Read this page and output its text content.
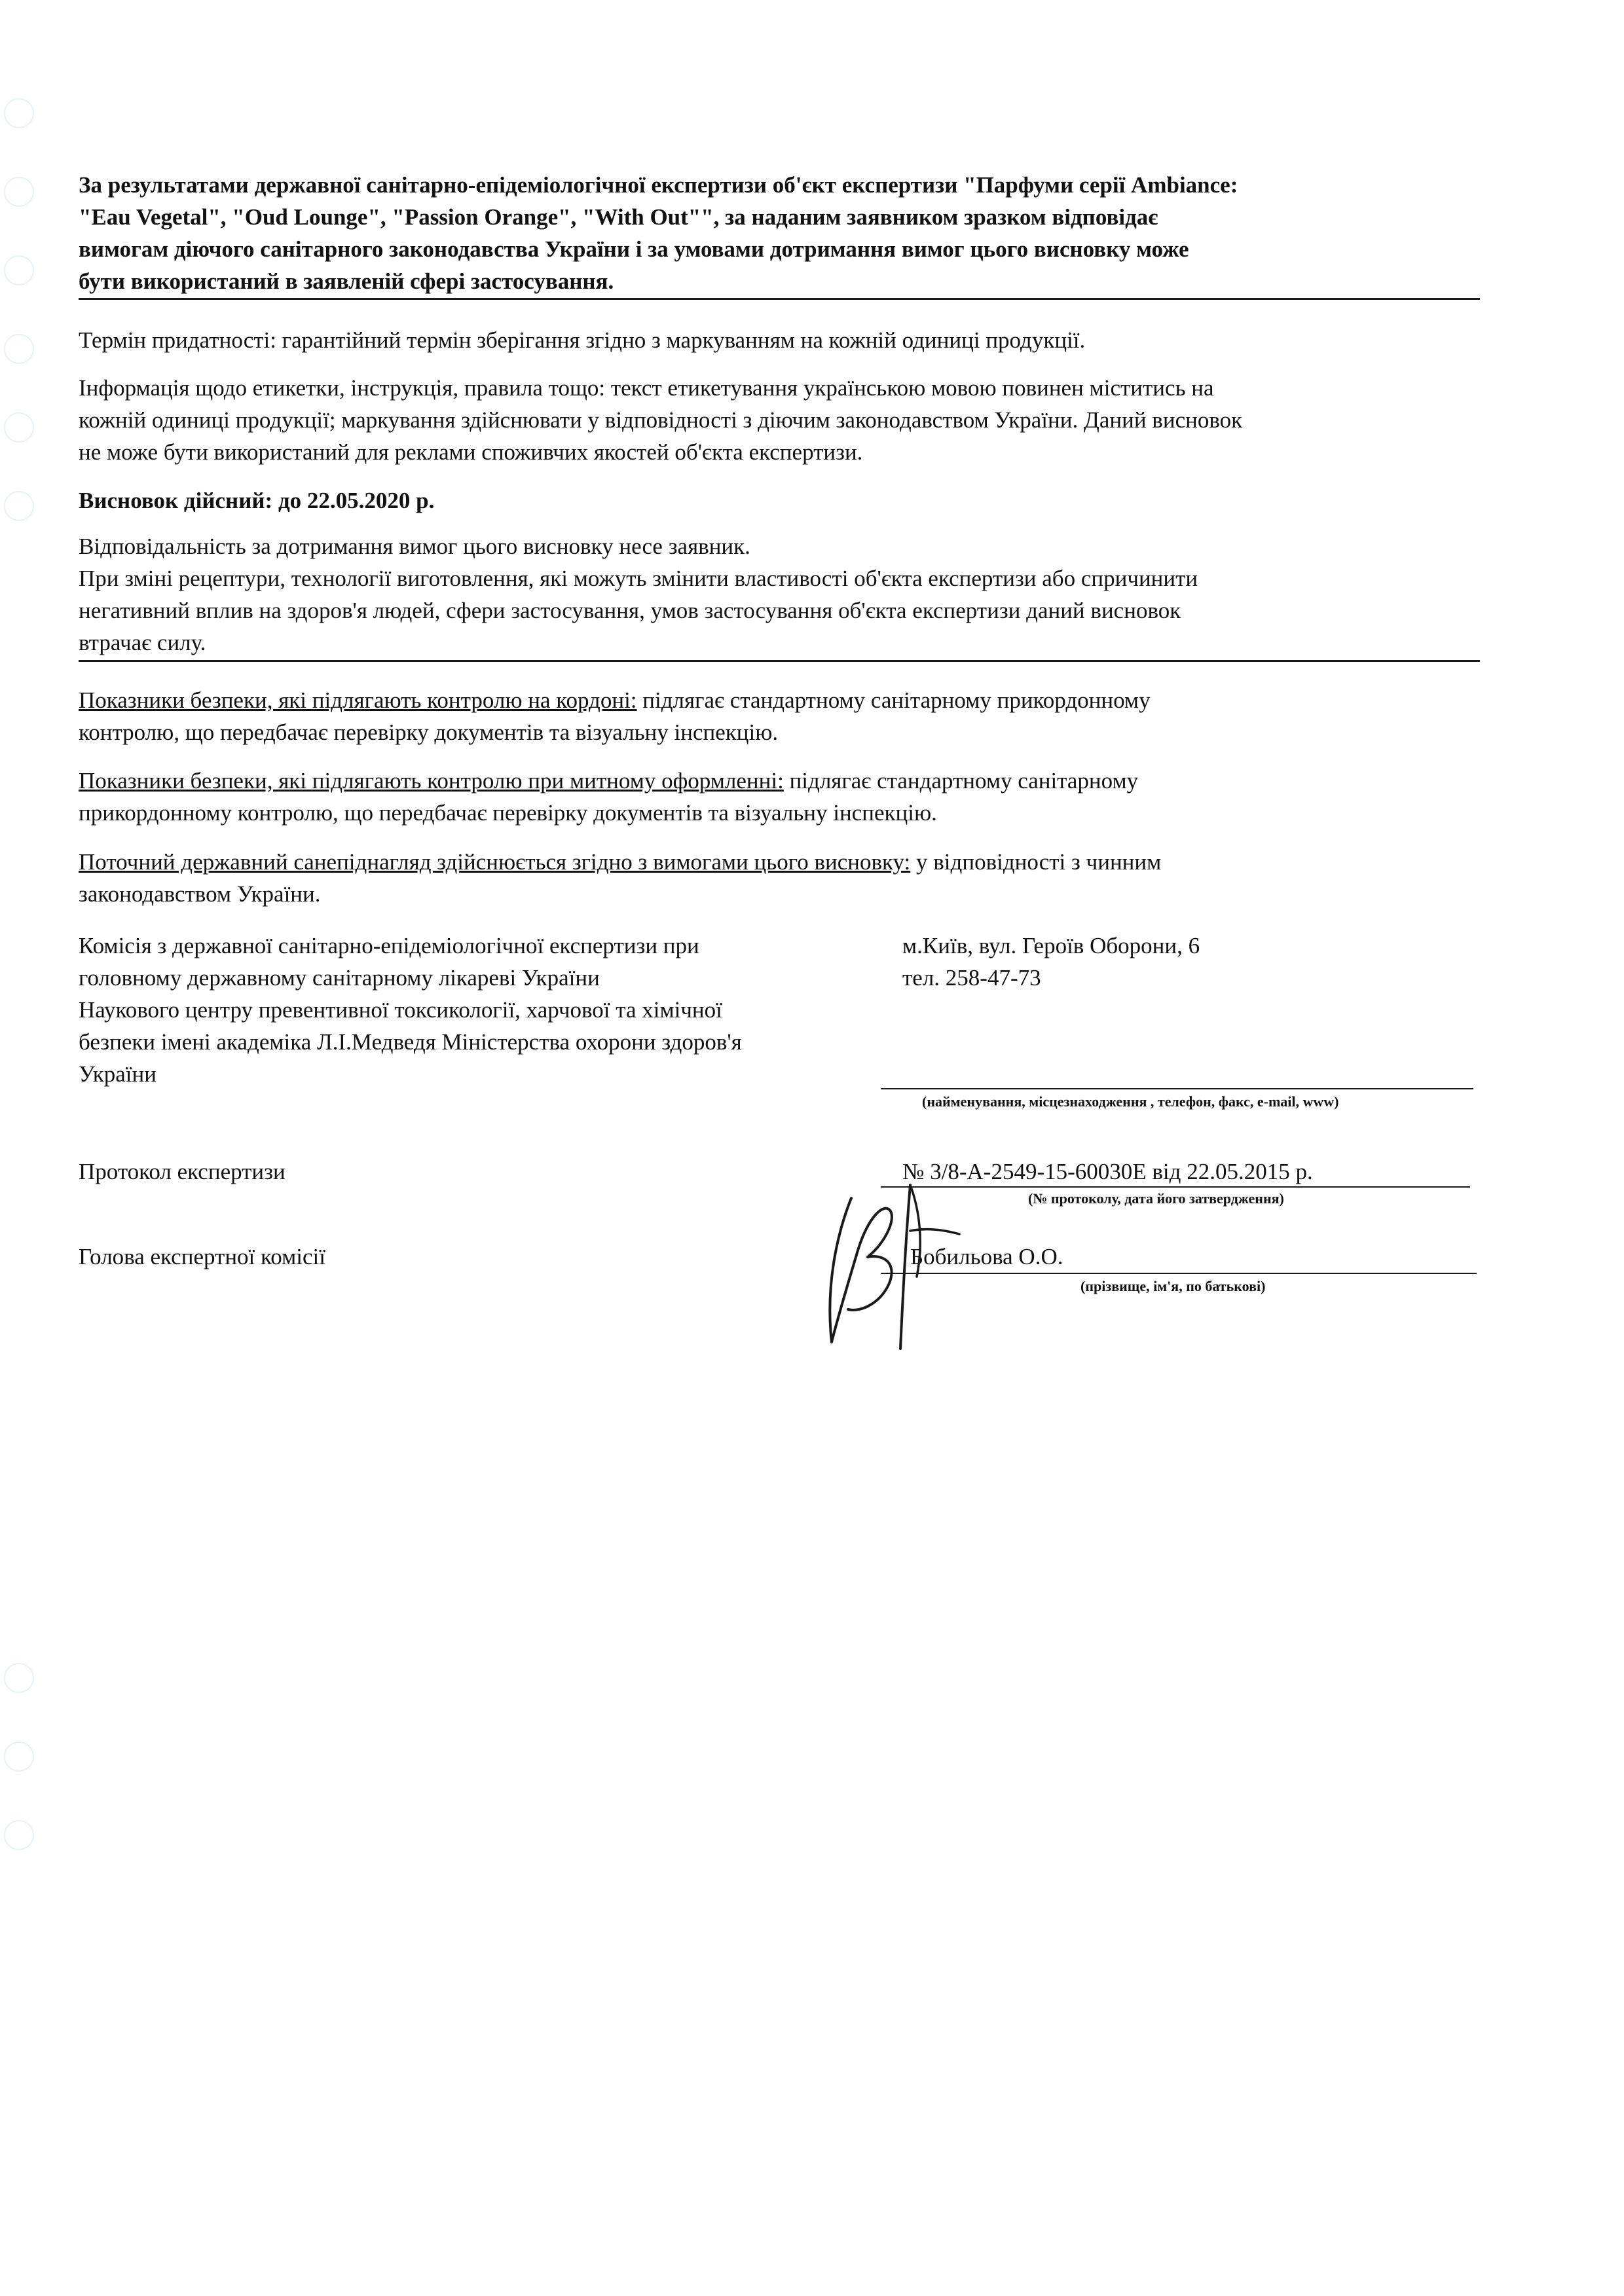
За результатами державної санітарно-епідеміологічної експертизи об'єкт експертизи "Парфуми серії Ambiance:
"Eau Vegetal", "Oud Lounge", "Passion Orange", "With Out"", за наданим заявником зразком відповідає
вимогам діючого санітарного законодавства України і за умовами дотримання вимог цього висновку може
бути використаний в заявленій сфері застосування.
Термін придатності: гарантійний термін зберігання згідно з маркуванням на кожній одиниці продукції.
Інформація щодо етикетки, інструкція, правила тощо: текст етикетування українською мовою повинен міститись на
кожній одиниці продукції; маркування здійснювати у відповідності з діючим законодавством України. Даний висновок
не може бути використаний для реклами споживчих якостей об'єкта експертизи.
Висновок дійсний: до 22.05.2020 р.
Відповідальність за дотримання вимог цього висновку несе заявник.
При зміні рецептури, технології виготовлення, які можуть змінити властивості об'єкта експертизи або спричинити
негативний вплив на здоров'я людей, сфери застосування, умов застосування об'єкта експертизи даний висновок
втрачає силу.
Показники безпеки, які підлягають контролю на кордоні: підлягає стандартному санітарному прикордонному
контролю, що передбачає перевірку документів та візуальну інспекцію.
Показники безпеки, які підлягають контролю при митному оформленні: підлягає стандартному санітарному
прикордонному контролю, що передбачає перевірку документів та візуальну інспекцію.
Поточний державний санепіднагляд здійснюється згідно з вимогами цього висновку: у відповідності з чинним
законодавством України.
Комісія з державної санітарно-епідеміологічної експертизи при
головному державному санітарному лікареві України
Наукового центру превентивної токсикології, харчової та хімічної
безпеки імені академіка Л.І.Медведя Міністерства охорони здоров'я
України
м.Київ, вул. Героїв Оборони, 6
тел. 258-47-73
(найменування, місцезнаходження , телефон, факс, e-mail, www)
Протокол експертизи	№ 3/8-А-2549-15-60030Е від 22.05.2015 р.
(№ протоколу, дата його затвердження)
Голова експертної комісії	Бобильова О.О.
(прізвище, ім'я, по батькові)
